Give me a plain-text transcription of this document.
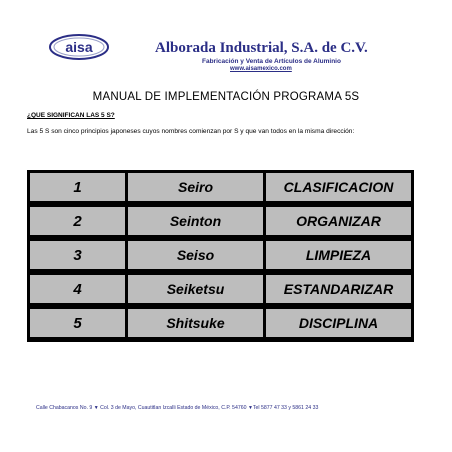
aisa	Alborada Industrial, S.A. de C.V.
Fabricación y Venta de Artículos de Aluminio
www.aisamexico.com
MANUAL DE IMPLEMENTACIÓN PROGRAMA 5S
¿QUE SIGNIFICAN LAS 5 S?
Las 5 S son cinco principios japoneses cuyos nombres comienzan por S y que van todos en la misma dirección:
1	Seiro	CLASIFICACION
2	Seinton	ORGANIZAR
3	Seiso	LIMPIEZA
4	Seiketsu	ESTANDARIZAR
5	Shitsuke	DISCIPLINA
Calle Chabacanos No. 9 ▼ Col. 3 de Mayo, Cuautitlan Izcalli Estado de México, C.P. 54760 ▼Tel 5877 47 33 y 5861 24 33
